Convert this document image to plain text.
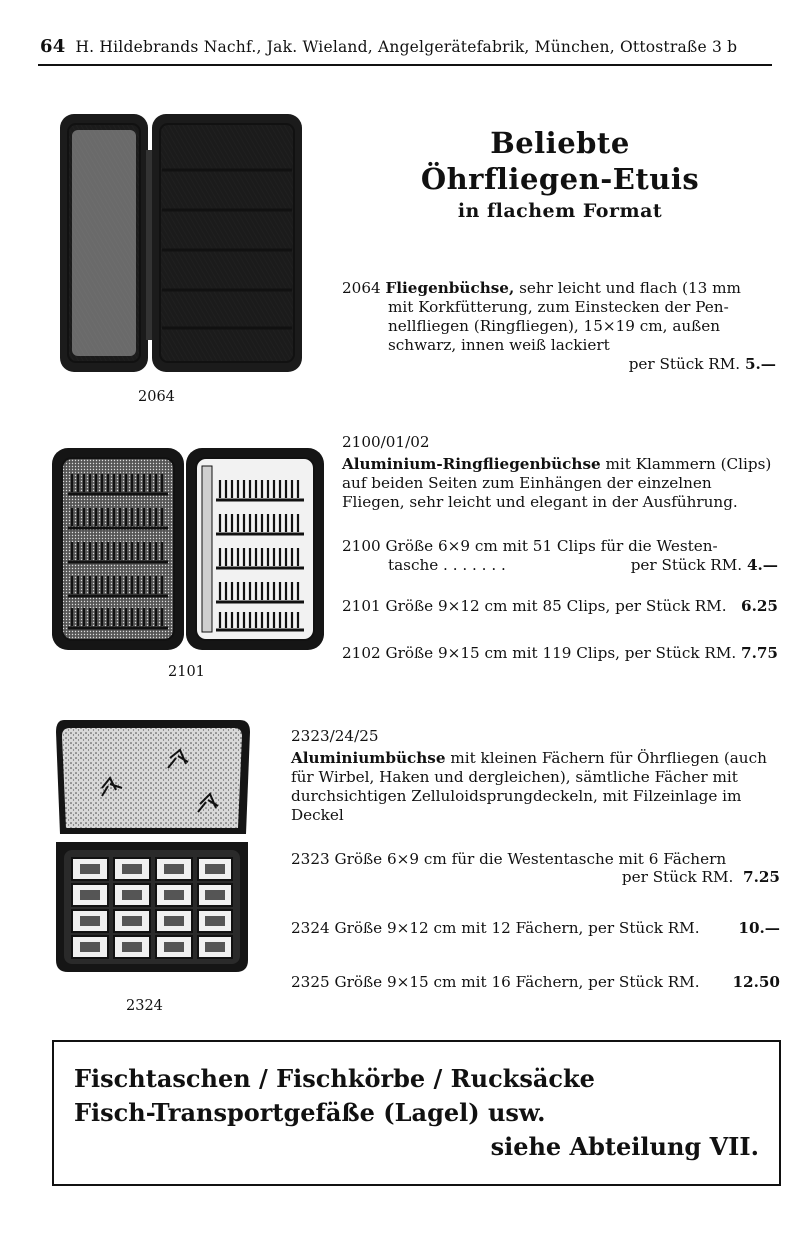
64 H. Hildebrands Nachf., Jak. Wieland, Angelgerätefabrik, München, Ottostraße 3 b
Beliebte
Öhrfliegen-Etuis
in flachem Format
2064
2064 Fliegenbüchse, sehr leicht und flach (13 mm
mit Korkfütterung, zum Einstecken der Pen-
nellfliegen (Ringfliegen), 15×19 cm, außen
schwarz, innen weiß lackiert
per Stück RM. 5.—
2101
2100/01/02
Aluminium-Ringfliegenbüchse mit Klammern (Clips)
auf beiden Seiten zum Einhängen der einzelnen
Fliegen, sehr leicht und elegant in der Ausführung.
2100 Größe 6×9 cm mit 51 Clips für die Westen-
tasche . . . . . . .	per Stück RM. 4.—
2101 Größe 9×12 cm mit 85 Clips, per Stück RM. 6.25
2102 Größe 9×15 cm mit 119 Clips, per Stück RM. 7.75
2324
2323/24/25
Aluminiumbüchse mit kleinen Fächern für Öhrfliegen (auch
für Wirbel, Haken und dergleichen), sämtliche Fächer mit
durchsichtigen Zelluloidsprungdeckeln, mit Filzeinlage im
Deckel
2323 Größe 6×9 cm für die Westentasche mit 6 Fächern
per Stück RM. 7.25
2324 Größe 9×12 cm mit 12 Fächern, per Stück RM.	10.—
2325 Größe 9×15 cm mit 16 Fächern, per Stück RM. 12.50
Fischtaschen / Fischkörbe / Rucksäcke
Fisch-Transportgefäße (Lagel) usw.
siehe Abteilung VII.
